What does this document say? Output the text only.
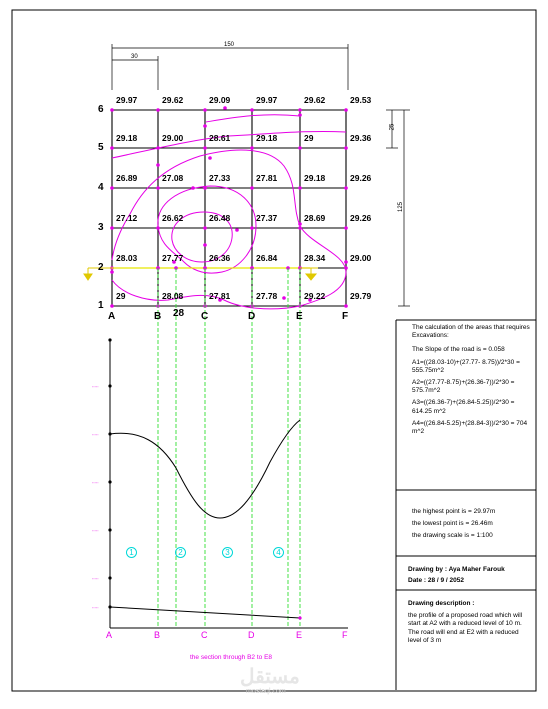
·····
·····
·····
·····
·····
·····
150
30
25
125
29	28.08	27.81	27.78	29.22	29.79
28.03	27.77	26.36	26.84	28.34	29.00
27.12	26.62	26.48	27.37	28.69	29.26
26.89	27.08	27.33	27.81	29.18	29.26
29.18	29.00	28.61	29.18	29	29.36
29.97	29.62	29.09	29.97	29.62	29.53
1
2
3
4
5
6
A	B	C	D	E	F
28
A	B	C	D	E	F
1	2	3	4
the section through B2 to E8
The calculation of the areas that requires Excavations:
The Slope of the road is = 0.058
A1=((28.03-10)+(27.77- 8.75))/2*30 = 555.75m^2
A2=((27.77-8.75)+(26.36-7))/2*30 = 575.7m^2
A3=((26.36-7)+(26.84-5.25))/2*30 = 614.25 m^2
A4=((26.84-5.25)+(28.84-3))/2*30 = 704 m^2
the highest point is = 29.97m
the lowest point is = 26.46m
the drawing scale is = 1:100
Drawing by : Aya Maher Farouk
Date : 28 / 9 / 2052
Drawing description :
the profile of a proposed road which will start at A2 with a reduced level of 10 m. The road will end at E2 with a reduced level of 3 m
مستقل
mostaql.com
